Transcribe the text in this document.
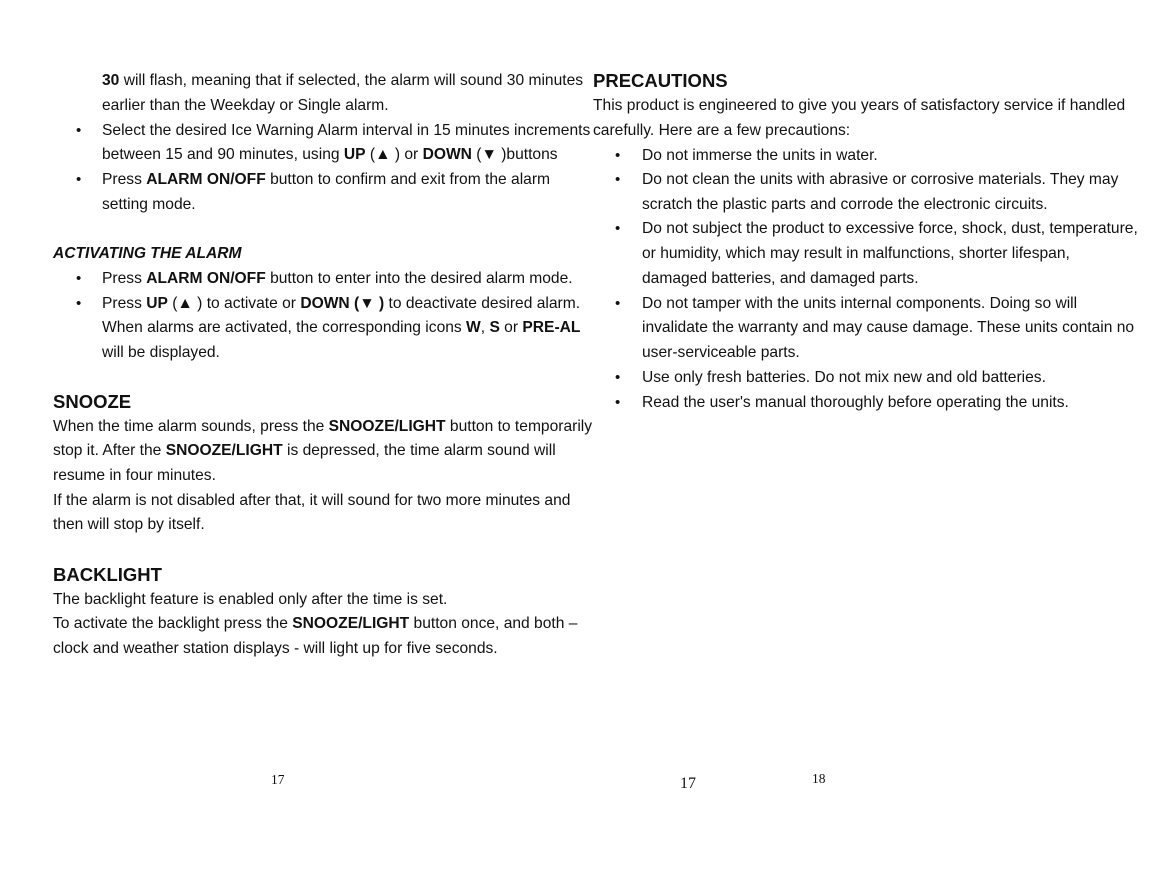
30 will flash, meaning that if selected, the alarm will sound 30 minutes
earlier than the Weekday or Single alarm.
• Select the desired Ice Warning Alarm interval in 15 minutes increments
between 15 and 90 minutes, using UP (▲ ) or DOWN (▼ )buttons
• Press ALARM ON/OFF button to confirm and exit from the alarm
setting mode.
ACTIVATING THE ALARM
• Press ALARM ON/OFF button to enter into the desired alarm mode.
• Press UP (▲ ) to activate or DOWN (▼ ) to deactivate desired alarm.
When alarms are activated, the corresponding icons W, S or PRE-AL
will be displayed.
SNOOZE
When the time alarm sounds, press the SNOOZE/LIGHT button to temporarily
stop it. After the SNOOZE/LIGHT is depressed, the time alarm sound will
resume in four minutes.
If the alarm is not disabled after that, it will sound for two more minutes and
then will stop by itself.
BACKLIGHT
The backlight feature is enabled only after the time is set.
To activate the backlight press the SNOOZE/LIGHT button once, and both –
clock and weather station displays - will light up for five seconds.
17
PRECAUTIONS
This product is engineered to give you years of satisfactory service if handled
carefully. Here are a few precautions:
• Do not immerse the units in water.
• Do not clean the units with abrasive or corrosive materials. They may
scratch the plastic parts and corrode the electronic circuits.
• Do not subject the product to excessive force, shock, dust, temperature,
or humidity, which may result in malfunctions, shorter lifespan,
damaged batteries, and damaged parts.
• Do not tamper with the units internal components. Doing so will
invalidate the warranty and may cause damage. These units contain no
user-serviceable parts.
• Use only fresh batteries. Do not mix new and old batteries.
• Read the user's manual thoroughly before operating the units.
17	18
